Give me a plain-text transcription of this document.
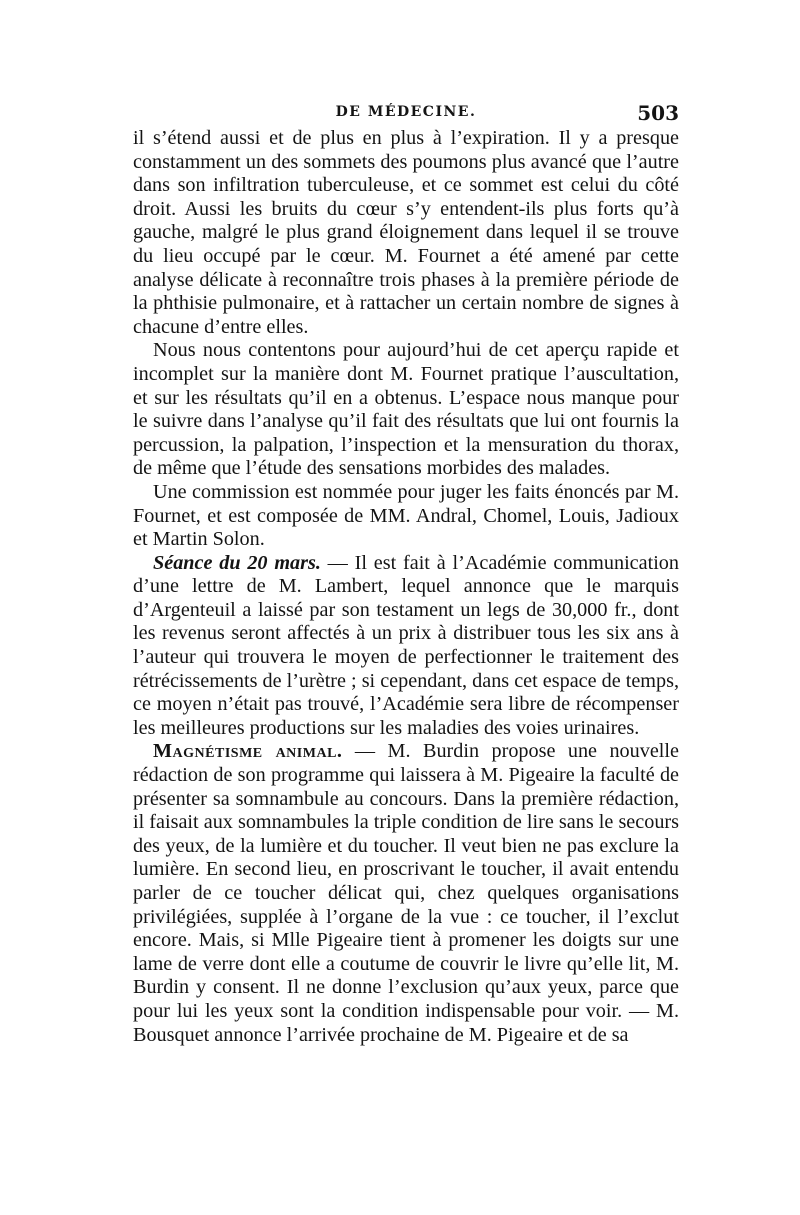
DE MÉDECINE.	503

il s’étend aussi et de plus en plus à l’expiration. Il y a presque constamment un des sommets des poumons plus avancé que l’autre dans son infiltration tuberculeuse, et ce sommet est celui du côté droit. Aussi les bruits du cœur s’y entendent-ils plus forts qu’à gauche, malgré le plus grand éloignement dans lequel il se trouve du lieu occupé par le cœur. M. Fournet a été amené par cette analyse délicate à reconnaître trois phases à la première période de la phthisie pulmonaire, et à rattacher un certain nombre de signes à chacune d’entre elles.

Nous nous contentons pour aujourd’hui de cet aperçu rapide et incomplet sur la manière dont M. Fournet pratique l’auscultation, et sur les résultats qu’il en a obtenus. L’espace nous manque pour le suivre dans l’analyse qu’il fait des résultats que lui ont fournis la percussion, la palpation, l’inspection et la mensuration du thorax, de même que l’étude des sensations morbides des malades.

Une commission est nommée pour juger les faits énoncés par M. Fournet, et est composée de MM. Andral, Chomel, Louis, Jadioux et Martin Solon.

Séance du 20 mars. — Il est fait à l’Académie communication d’une lettre de M. Lambert, lequel annonce que le marquis d’Argenteuil a laissé par son testament un legs de 30,000 fr., dont les revenus seront affectés à un prix à distribuer tous les six ans à l’auteur qui trouvera le moyen de perfectionner le traitement des rétrécissements de l’urètre ; si cependant, dans cet espace de temps, ce moyen n’était pas trouvé, l’Académie sera libre de récompenser les meilleures productions sur les maladies des voies urinaires.

Magnétisme animal. — M. Burdin propose une nouvelle rédaction de son programme qui laissera à M. Pigeaire la faculté de présenter sa somnambule au concours. Dans la première rédaction, il faisait aux somnambules la triple condition de lire sans le secours des yeux, de la lumière et du toucher. Il veut bien ne pas exclure la lumière. En second lieu, en proscrivant le toucher, il avait entendu parler de ce toucher délicat qui, chez quelques organisations privilégiées, supplée à l’organe de la vue : ce toucher, il l’exclut encore. Mais, si Mlle Pigeaire tient à promener les doigts sur une lame de verre dont elle a coutume de couvrir le livre qu’elle lit, M. Burdin y consent. Il ne donne l’exclusion qu’aux yeux, parce que pour lui les yeux sont la condition indispensable pour voir. — M. Bousquet annonce l’arrivée prochaine de M. Pigeaire et de sa
